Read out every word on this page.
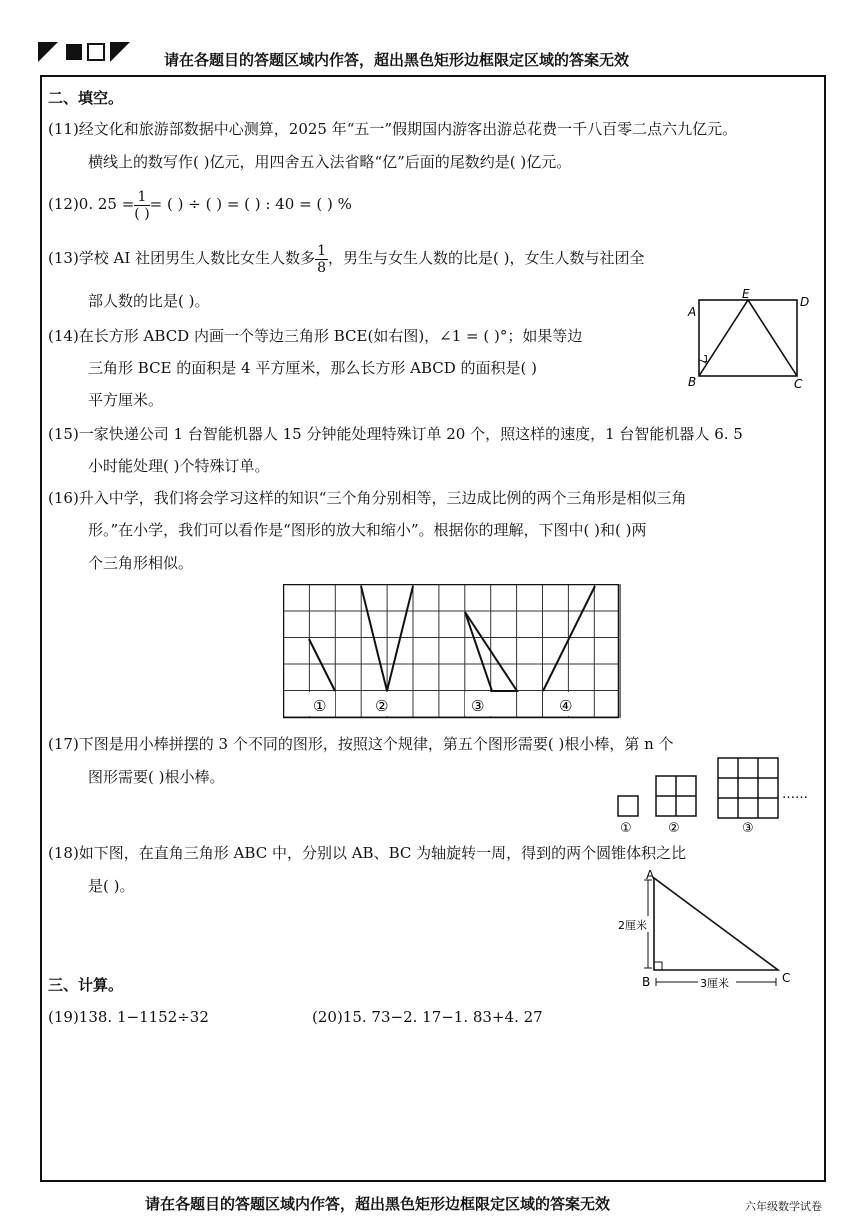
请在各题目的答题区域内作答，超出黑色矩形边框限定区域的答案无效
二、填空。
(11)经文化和旅游部数据中心测算，2025 年“五一”假期国内游客出游总花费一千八百零二点六九亿元。
横线上的数写作( )亿元，用四舍五入法省略“亿”后面的尾数约是( )亿元。
(12)0. $25 = \frac{1}{( )}$ = ( ) ÷ ( ) = ( ) : 40 = ( ) %
(13)学校 AI 社团男生人数比女生人数多 $\frac{1}{8}$ ，男生与女生人数的比是( )，女生人数与社团全
部人数的比是( )。
(14)在长方形 ABCD 内画一个等边三角形 BCE(如右图)，∠1 = ( )°；如果等边
三角形 BCE 的面积是 4 平方厘米，那么长方形 ABCD 的面积是( )
平方厘米。
A
E
D
B	C
1
(15)一家快递公司 1 台智能机器人 15 分钟能处理特殊订单 20 个，照这样的速度，1 台智能机器人 6. 5
小时能处理( )个特殊订单。
(16)升入中学，我们将会学习这样的知识“三个角分别相等，三边成比例的两个三角形是相似三角
形。”在小学，我们可以看作是“图形的放大和缩小”。根据你的理解，下图中( )和( )两
个三角形相似。
①	②	③	④
(17)下图是用小棒拼摆的 3 个不同的图形，按照这个规律，第五个图形需要( )根小棒，第 n 个
图形需要( )根小棒。
……
①	②	③
(18)如下图，在直角三角形 ABC 中，分别以 AB、BC 为轴旋转一周，得到的两个圆锥体积之比
是( )。
2厘米
3厘米
A
B	C
三、计算。
(19)138. 1−1152÷32	(20)15. 73−2. 17−1. 83+4. 27
请在各题目的答题区域内作答，超出黑色矩形边框限定区域的答案无效	六年级数学试卷
